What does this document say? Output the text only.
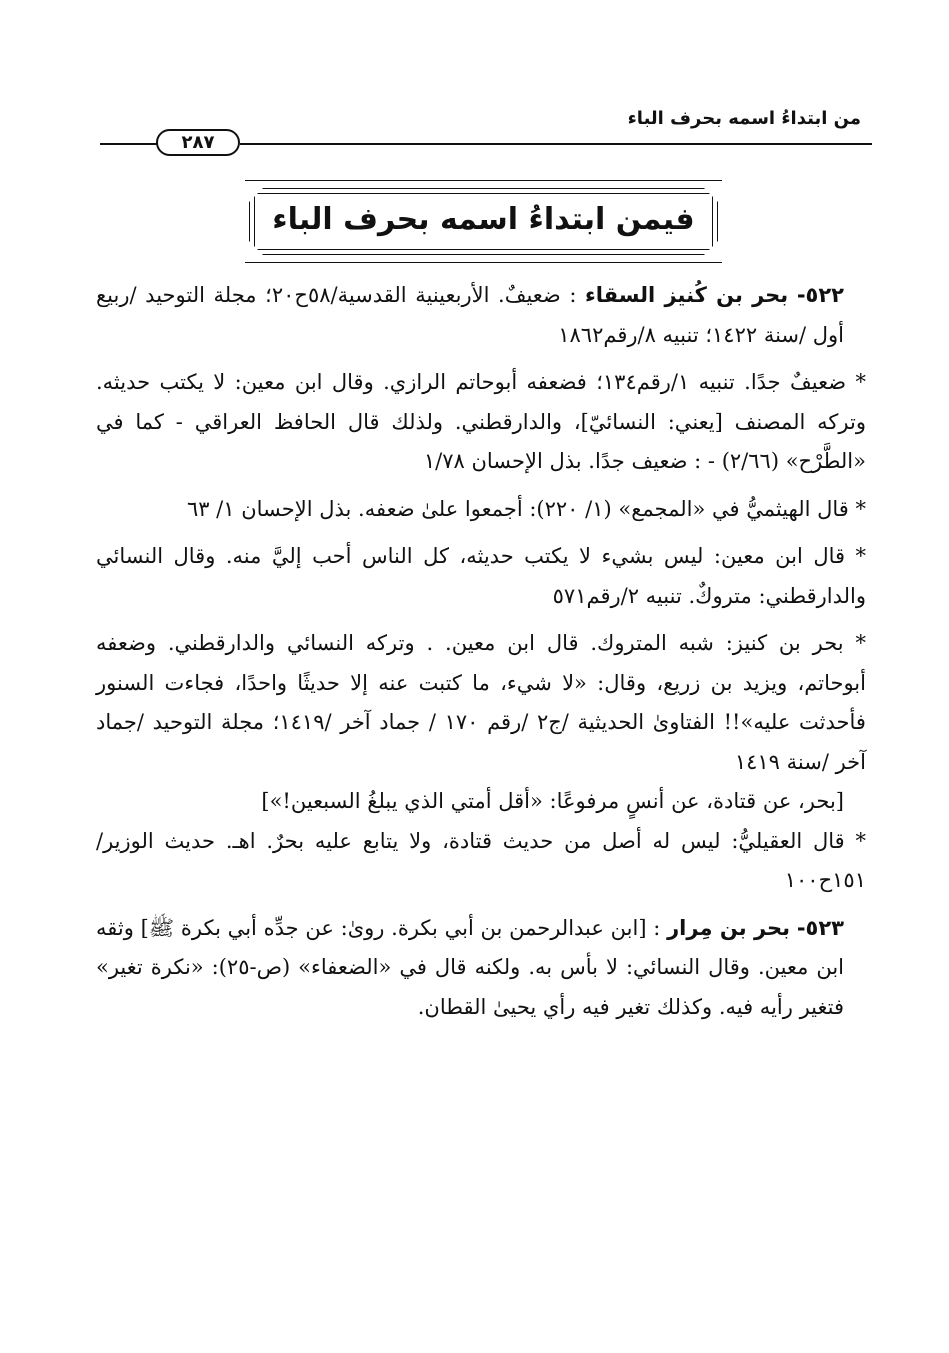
من ابتداءُ اسمه بحرف الباء
٢٨٧
فيمن ابتداءُ اسمه بحرف الباء

٥٢٢- بحر بن كُنيز السقاء : ضعيفٌ. الأربعينية القدسية/٥٨ح٢٠؛ مجلة التوحيد /ربيع أول /سنة ١٤٢٢؛ تنبيه ٨/رقم١٨٦٢

* ضعيفٌ جدًا. تنبيه ١/رقم١٣٤؛ فضعفه أبوحاتم الرازي. وقال ابن معين: لا يكتب حديثه. وتركه المصنف [يعني: النسائيّ]، والدارقطني. ولذلك قال الحافظ العراقي - كما في «الطَّرْح» (٢/٦٦) - : ضعيف جدًا. بذل الإحسان ١/٧٨

* قال الهيثميُّ في «المجمع» (١/ ٢٢٠): أجمعوا علىٰ ضعفه. بذل الإحسان ١/ ٦٣

* قال ابن معين: ليس بشيء لا يكتب حديثه، كل الناس أحب إليَّ منه. وقال النسائي والدارقطني: متروكٌ. تنبيه ٢/رقم٥٧١

* بحر بن كنيز: شبه المتروك. قال ابن معين. . وتركه النسائي والدارقطني. وضعفه أبوحاتم، ويزيد بن زريع، وقال: «لا شيء، ما كتبت عنه إلا حديثًا واحدًا، فجاءت السنور فأحدثت عليه»!! الفتاوىٰ الحديثية /ج٢ /رقم ١٧٠ / جماد آخر /١٤١٩؛ مجلة التوحيد /جماد آخر /سنة ١٤١٩

[بحر، عن قتادة، عن أنسٍ مرفوعًا: «أقل أمتي الذي يبلغُ السبعين!»]

* قال العقيليُّ: ليس له أصل من حديث قتادة، ولا يتابع عليه بحرٌ. اهـ. حديث الوزير/١٥١ح١٠٠

٥٢٣- بحر بن مِرار : [ابن عبدالرحمن بن أبي بكرة. روىٰ: عن جدِّه أبي بكرة ﷺ] وثقه ابن معين. وقال النسائي: لا بأس به. ولكنه قال في «الضعفاء» (ص-٢٥): «نكرة تغير» فتغير رأيه فيه. وكذلك تغير فيه رأي يحيىٰ القطان.
